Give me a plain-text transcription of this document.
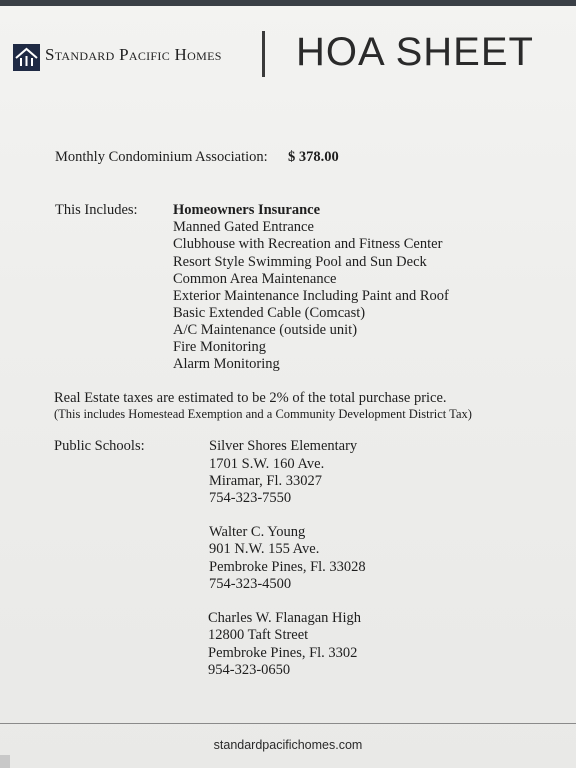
Standard Pacific Homes HOA SHEET
Monthly Condominium Association: $ 378.00
This Includes: Homeowners Insurance
Manned Gated Entrance
Clubhouse with Recreation and Fitness Center
Resort Style Swimming Pool and Sun Deck
Common Area Maintenance
Exterior Maintenance Including Paint and Roof
Basic Extended Cable (Comcast)
A/C Maintenance (outside unit)
Fire Monitoring
Alarm Monitoring
Real Estate taxes are estimated to be 2% of the total purchase price.
(This includes Homestead Exemption and a Community Development District Tax)
Public Schools:	Silver Shores Elementary
1701 S.W. 160 Ave.
Miramar, Fl. 33027
754-323-7550
Walter C. Young
901 N.W. 155 Ave.
Pembroke Pines, Fl. 33028
754-323-4500
Charles W. Flanagan High
12800 Taft Street
Pembroke Pines, Fl. 3302
954-323-0650
standardpacifichomes.com
